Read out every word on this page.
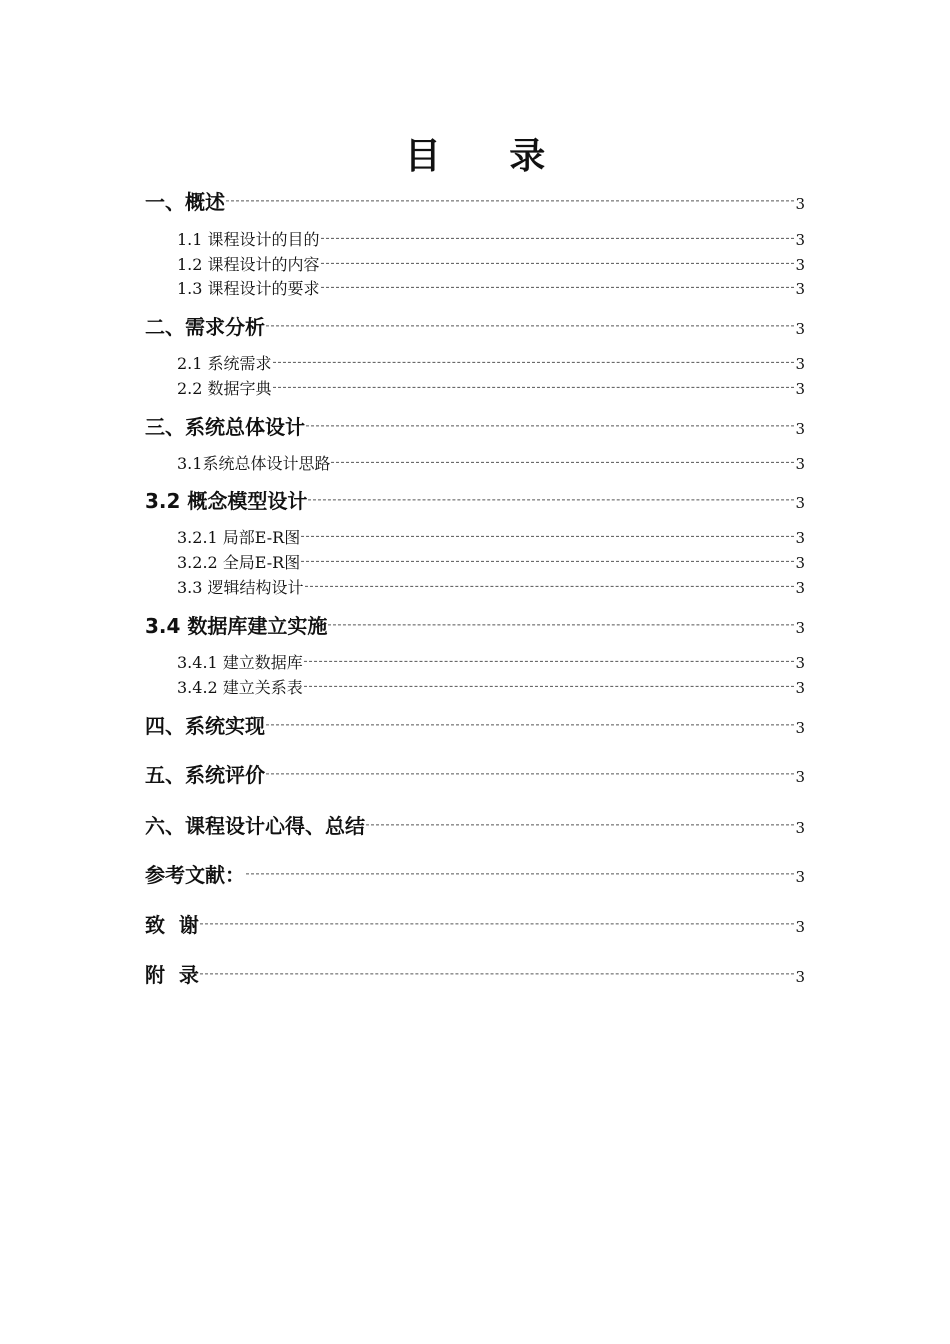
目 录
一、概述	3
1.1 课程设计的目的	3
1.2 课程设计的内容	3
1.3 课程设计的要求	3
二、需求分析	3
2.1 系统需求	3
2.2 数据字典	3
三、系统总体设计	3
3.1系统总体设计思路	3
3.2 概念模型设计	3
3.2.1 局部E-R图	3
3.2.2 全局E-R图	3
3.3 逻辑结构设计	3
3.4 数据库建立实施	3
3.4.1 建立数据库	3
3.4.2 建立关系表	3
四、系统实现	3
五、系统评价	3
六、课程设计心得、总结	3
参考文献：	3
致  谢	3
附  录	3
